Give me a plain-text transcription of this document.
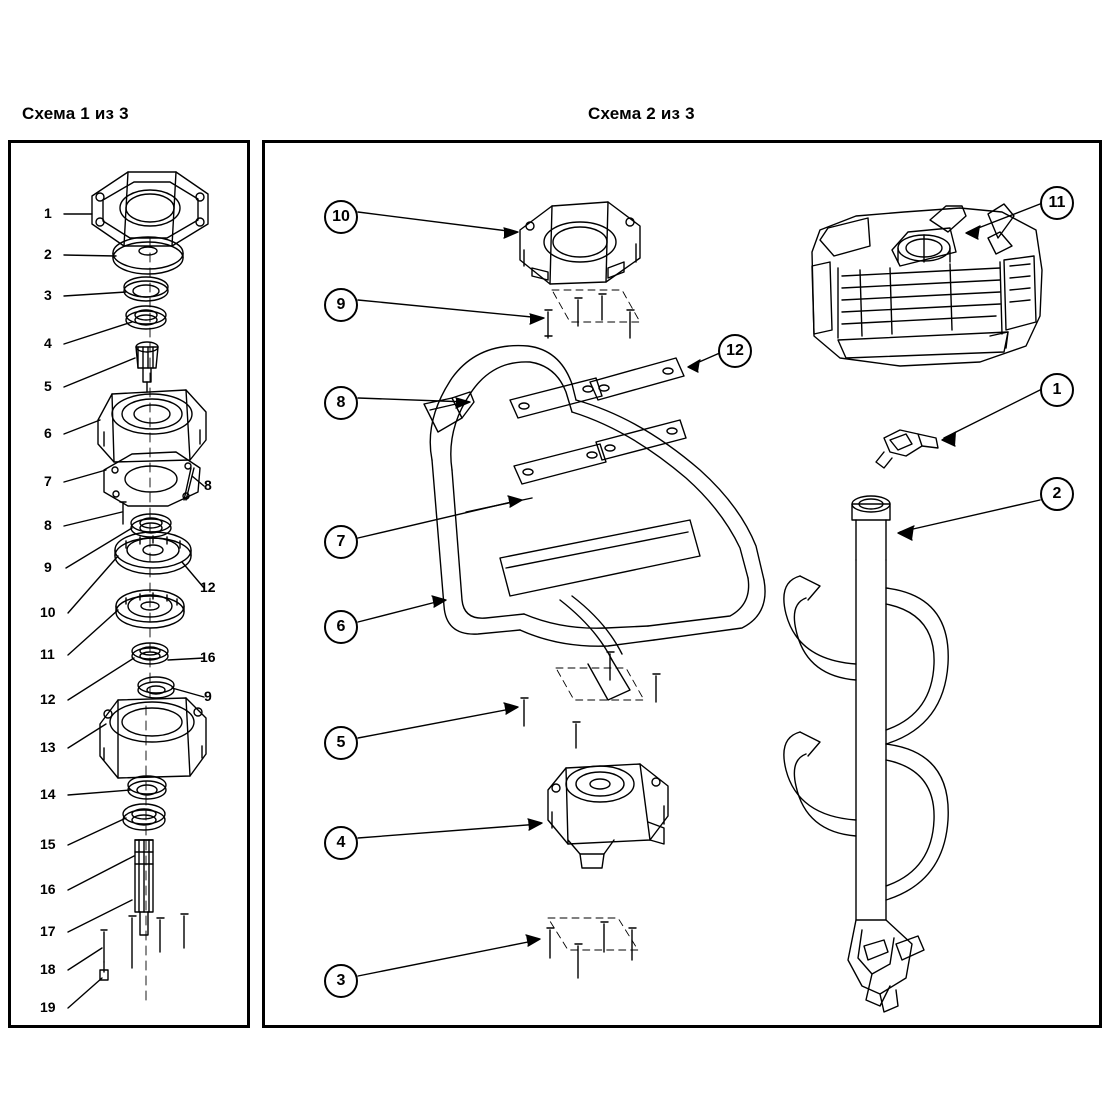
Схема 1 из 3	Схема 2 из 3
1
2
3
4
5
6
7
8
9
10
11
12
13
14
15
16
17
18
19
8
12
16
9
10
9
12
8
7
6
5
4
3
11
1
2
